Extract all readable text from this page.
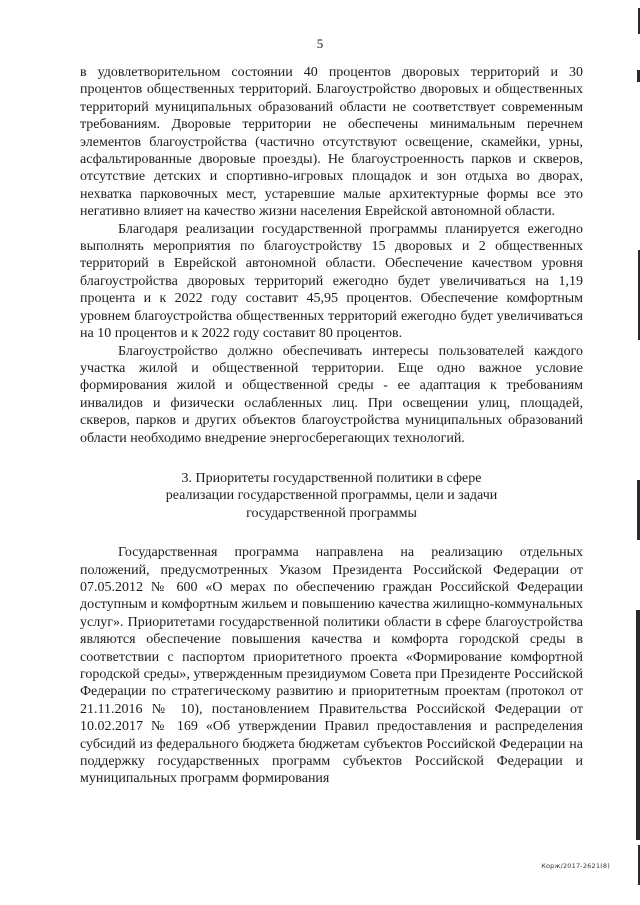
5

в удовлетворительном состоянии 40 процентов дворовых территорий и 30 процентов общественных территорий. Благоустройство дворовых и общественных территорий муниципальных образований области не соответствует современным требованиям. Дворовые территории не обеспечены минимальным перечнем элементов благоустройства (частично отсутствуют освещение, скамейки, урны, асфальтированные дворовые проезды). Не благоустроенность парков и скверов, отсутствие детских и спортивно-игровых площадок и зон отдыха во дворах, нехватка парковочных мест, устаревшие малые архитектурные формы все это негативно влияет на качество жизни населения Еврейской автономной области.

Благодаря реализации государственной программы планируется ежегодно выполнять мероприятия по благоустройству 15 дворовых и 2 общественных территорий в Еврейской автономной области. Обеспечение качеством уровня благоустройства дворовых территорий ежегодно будет увеличиваться на 1,19 процента и к 2022 году составит 45,95 процентов. Обеспечение комфортным уровнем благоустройства общественных территорий ежегодно будет увеличиваться на 10 процентов и к 2022 году составит 80 процентов.

Благоустройство должно обеспечивать интересы пользователей каждого участка жилой и общественной территории. Еще одно важное условие формирования жилой и общественной среды - ее адаптация к требованиям инвалидов и физически ослабленных лиц. При освещении улиц, площадей, скверов, парков и других объектов благоустройства муниципальных образований области необходимо внедрение энергосберегающих технологий.

3. Приоритеты государственной политики в сфере
реализации государственной программы, цели и задачи
государственной программы

Государственная программа направлена на реализацию отдельных положений, предусмотренных Указом Президента Российской Федерации от 07.05.2012 № 600 «О мерах по обеспечению граждан Российской Федерации доступным и комфортным жильем и повышению качества жилищно-коммунальных услуг». Приоритетами государственной политики области в сфере благоустройства являются обеспечение повышения качества и комфорта городской среды в соответствии с паспортом приоритетного проекта «Формирование комфортной городской среды», утвержденным президиумом Совета при Президенте Российской Федерации по стратегическому развитию и приоритетным проектам (протокол от 21.11.2016 № 10), постановлением Правительства Российской Федерации от 10.02.2017 № 169 «Об утверждении Правил предоставления и распределения субсидий из федерального бюджета бюджетам субъектов Российской Федерации на поддержку государственных программ субъектов Российской Федерации и муниципальных программ формирования

Корж/2017-2621(8)
